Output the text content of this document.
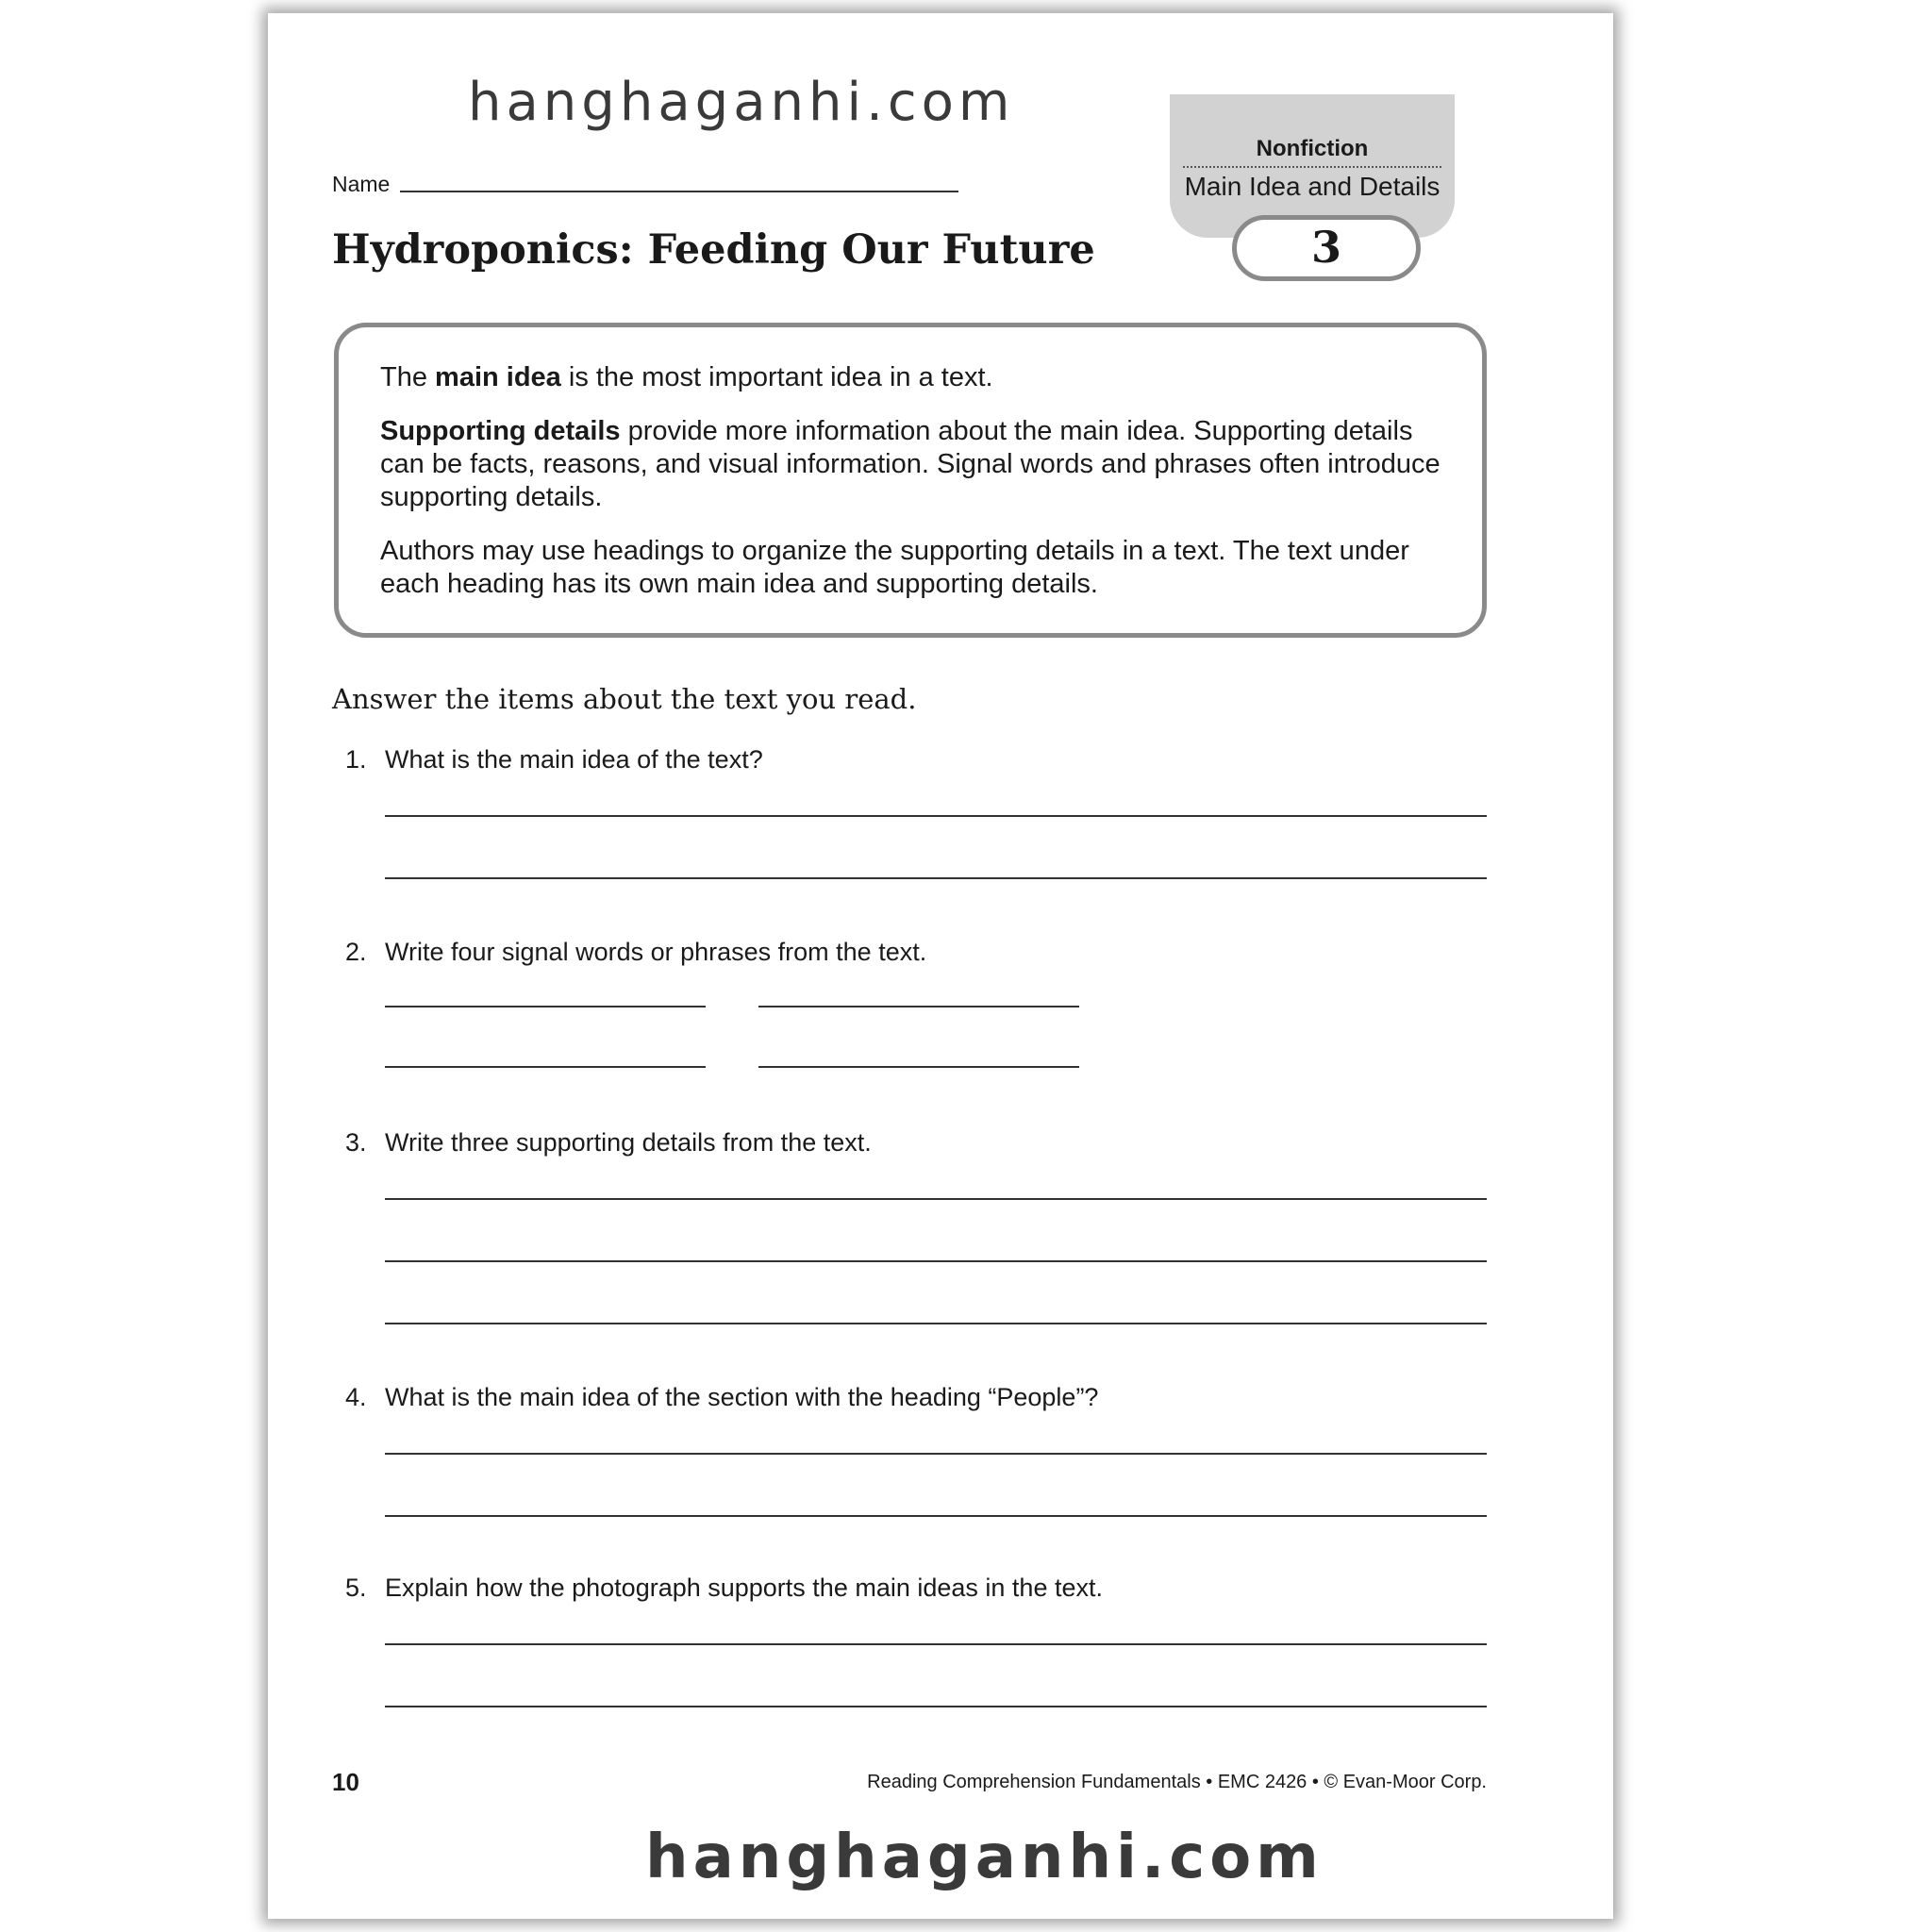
hanghaganhi.com
Name
Hydroponics: Feeding Our Future
Nonfiction
Main Idea and Details
3

The main idea is the most important idea in a text.

Supporting details provide more information about the main idea. Supporting details can be facts, reasons, and visual information. Signal words and phrases often introduce supporting details.

Authors may use headings to organize the supporting details in a text. The text under each heading has its own main idea and supporting details.

Answer the items about the text you read.
1. What is the main idea of the text?
2. Write four signal words or phrases from the text.
3. Write three supporting details from the text.
4. What is the main idea of the section with the heading “People”?
5. Explain how the photograph supports the main ideas in the text.
10	Reading Comprehension Fundamentals • EMC 2426 • © Evan-Moor Corp.
hanghaganhi.com
